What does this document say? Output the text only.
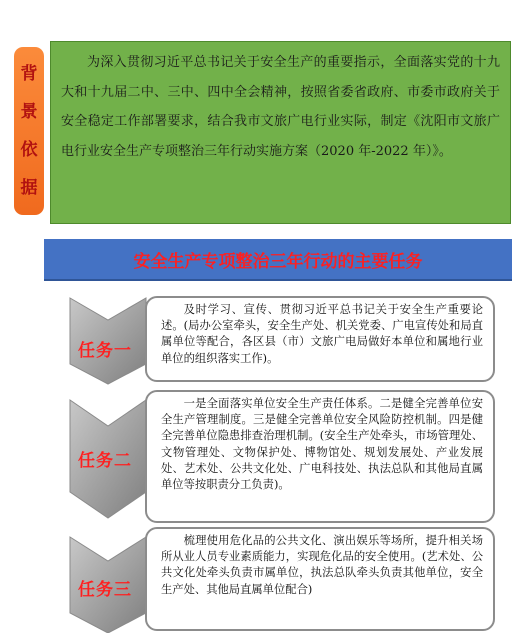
背
景
依
据

为深入贯彻习近平总书记关于安全生产的重要指示，全面落实党的十九大和十九届二中、三中、四中全会精神，按照省委省政府、市委市政府关于安全稳定工作部署要求，结合我市文旅广电行业实际，制定《沈阳市文旅广电行业安全生产专项整治三年行动实施方案（2020 年-2022 年）》。

安全生产专项整治三年行动的主要任务
任务一

及时学习、宣传、贯彻习近平总书记关于安全生产重要论述。(局办公室牵头，安全生产处、机关党委、广电宣传处和局直属单位等配合，各区县（市）文旅广电局做好本单位和属地行业单位的组织落实工作)。

任务二

一是全面落实单位安全生产责任体系。二是健全完善单位安全生产管理制度。三是健全完善单位安全风险防控机制。四是健全完善单位隐患排查治理机制。(安全生产处牵头，市场管理处、文物管理处、文物保护处、博物馆处、规划发展处、产业发展处、艺术处、公共文化处、广电科技处、执法总队和其他局直属单位等按职责分工负责)。

任务三

梳理使用危化品的公共文化、演出娱乐等场所，提升相关场所从业人员专业素质能力，实现危化品的安全使用。(艺术处、公共文化处牵头负责市属单位，执法总队牵头负责其他单位，安全生产处、其他局直属单位配合)
